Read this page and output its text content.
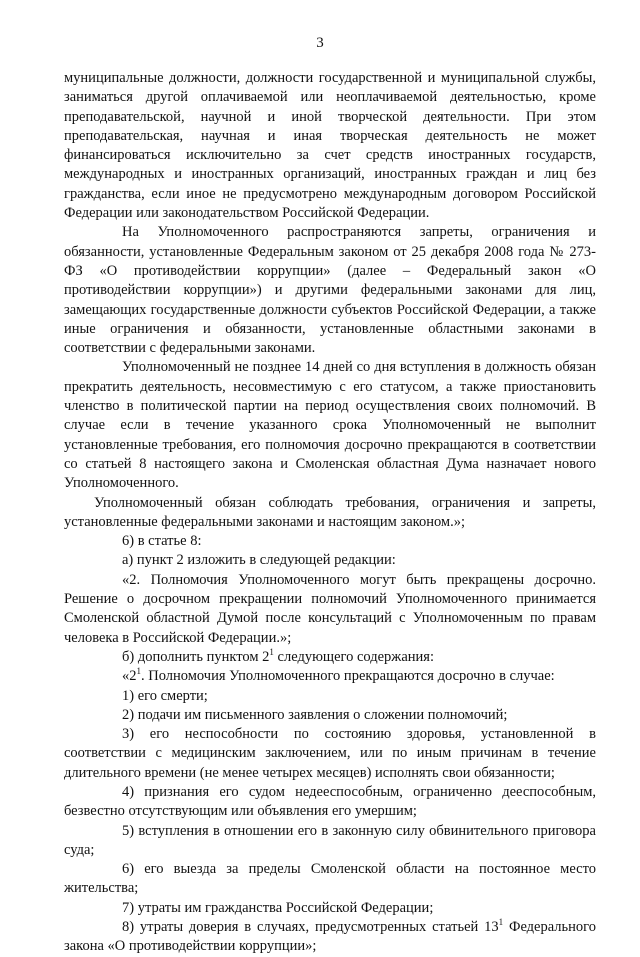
3

муниципальные должности, должности государственной и муниципальной службы, заниматься другой оплачиваемой или неоплачиваемой деятельностью, кроме преподавательской, научной и иной творческой деятельности. При этом преподавательская, научная и иная творческая деятельность не может финансироваться исключительно за счет средств иностранных государств, международных и иностранных организаций, иностранных граждан и лиц без гражданства, если иное не предусмотрено международным договором Российской Федерации или законодательством Российской Федерации.

На Уполномоченного распространяются запреты, ограничения и обязанности, установленные Федеральным законом от 25 декабря 2008 года № 273-ФЗ «О противодействии коррупции» (далее – Федеральный закон «О противодействии коррупции») и другими федеральными законами для лиц, замещающих государственные должности субъектов Российской Федерации, а также иные ограничения и обязанности, установленные областными законами в соответствии с федеральными законами.

Уполномоченный не позднее 14 дней со дня вступления в должность обязан прекратить деятельность, несовместимую с его статусом, а также приостановить членство в политической партии на период осуществления своих полномочий. В случае если в течение указанного срока Уполномоченный не выполнит установленные требования, его полномочия досрочно прекращаются в соответствии со статьей 8 настоящего закона и Смоленская областная Дума назначает нового Уполномоченного.

Уполномоченный обязан соблюдать требования, ограничения и запреты, установленные федеральными законами и настоящим законом.»;

6) в статье 8:

а) пункт 2 изложить в следующей редакции:

«2. Полномочия Уполномоченного могут быть прекращены досрочно. Решение о досрочном прекращении полномочий Уполномоченного принимается Смоленской областной Думой после консультаций с Уполномоченным по правам человека в Российской Федерации.»;

б) дополнить пунктом $2^1$ следующего содержания:

«$2^1$. Полномочия Уполномоченного прекращаются досрочно в случае:

1) его смерти;

2) подачи им письменного заявления о сложении полномочий;

3) его неспособности по состоянию здоровья, установленной в соответствии с медицинским заключением, или по иным причинам в течение длительного времени (не менее четырех месяцев) исполнять свои обязанности;

4) признания его судом недееспособным, ограниченно дееспособным, безвестно отсутствующим или объявления его умершим;

5) вступления в отношении его в законную силу обвинительного приговора суда;

6) его выезда за пределы Смоленской области на постоянное место жительства;

7) утраты им гражданства Российской Федерации;

8) утраты доверия в случаях, предусмотренных статьей $13^1$ Федерального закона «О противодействии коррупции»;
